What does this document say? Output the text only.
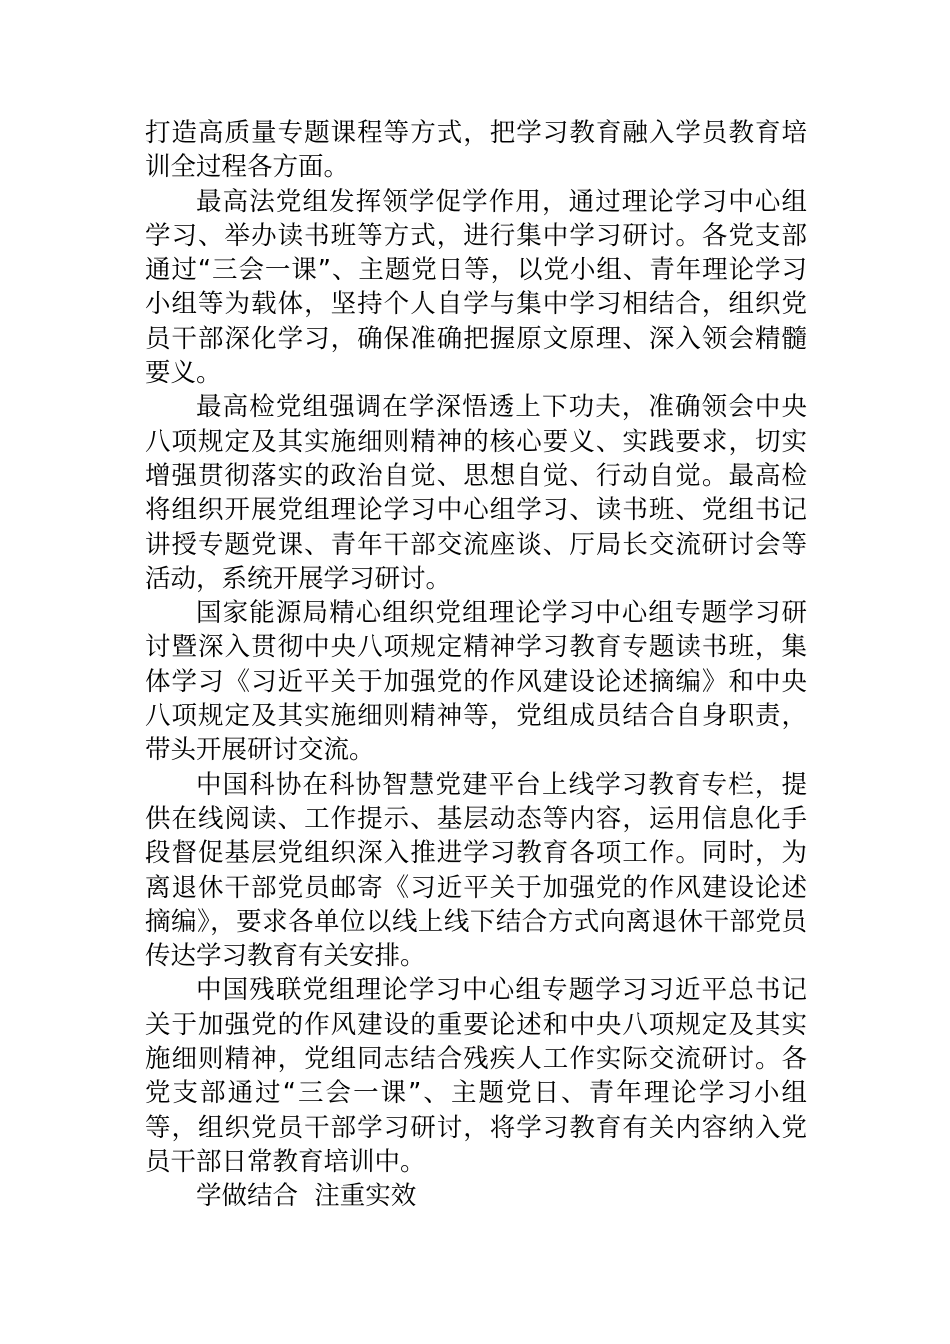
打造高质量专题课程等方式，把学习教育融入学员教育培训全过程各方面。

最高法党组发挥领学促学作用，通过理论学习中心组学习、举办读书班等方式，进行集中学习研讨。各党支部通过“三会一课”、主题党日等，以党小组、青年理论学习小组等为载体，坚持个人自学与集中学习相结合，组织党员干部深化学习，确保准确把握原文原理、深入领会精髓要义。

最高检党组强调在学深悟透上下功夫，准确领会中央八项规定及其实施细则精神的核心要义、实践要求，切实增强贯彻落实的政治自觉、思想自觉、行动自觉。最高检将组织开展党组理论学习中心组学习、读书班、党组书记讲授专题党课、青年干部交流座谈、厅局长交流研讨会等活动，系统开展学习研讨。

国家能源局精心组织党组理论学习中心组专题学习研讨暨深入贯彻中央八项规定精神学习教育专题读书班，集体学习《习近平关于加强党的作风建设论述摘编》和中央八项规定及其实施细则精神等，党组成员结合自身职责，带头开展研讨交流。

中国科协在科协智慧党建平台上线学习教育专栏，提供在线阅读、工作提示、基层动态等内容，运用信息化手段督促基层党组织深入推进学习教育各项工作。同时，为离退休干部党员邮寄《习近平关于加强党的作风建设论述摘编》，要求各单位以线上线下结合方式向离退休干部党员传达学习教育有关安排。

中国残联党组理论学习中心组专题学习习近平总书记关于加强党的作风建设的重要论述和中央八项规定及其实施细则精神，党组同志结合残疾人工作实际交流研讨。各党支部通过“三会一课”、主题党日、青年理论学习小组等，组织党员干部学习研讨，将学习教育有关内容纳入党员干部日常教育培训中。

学做结合  注重实效
